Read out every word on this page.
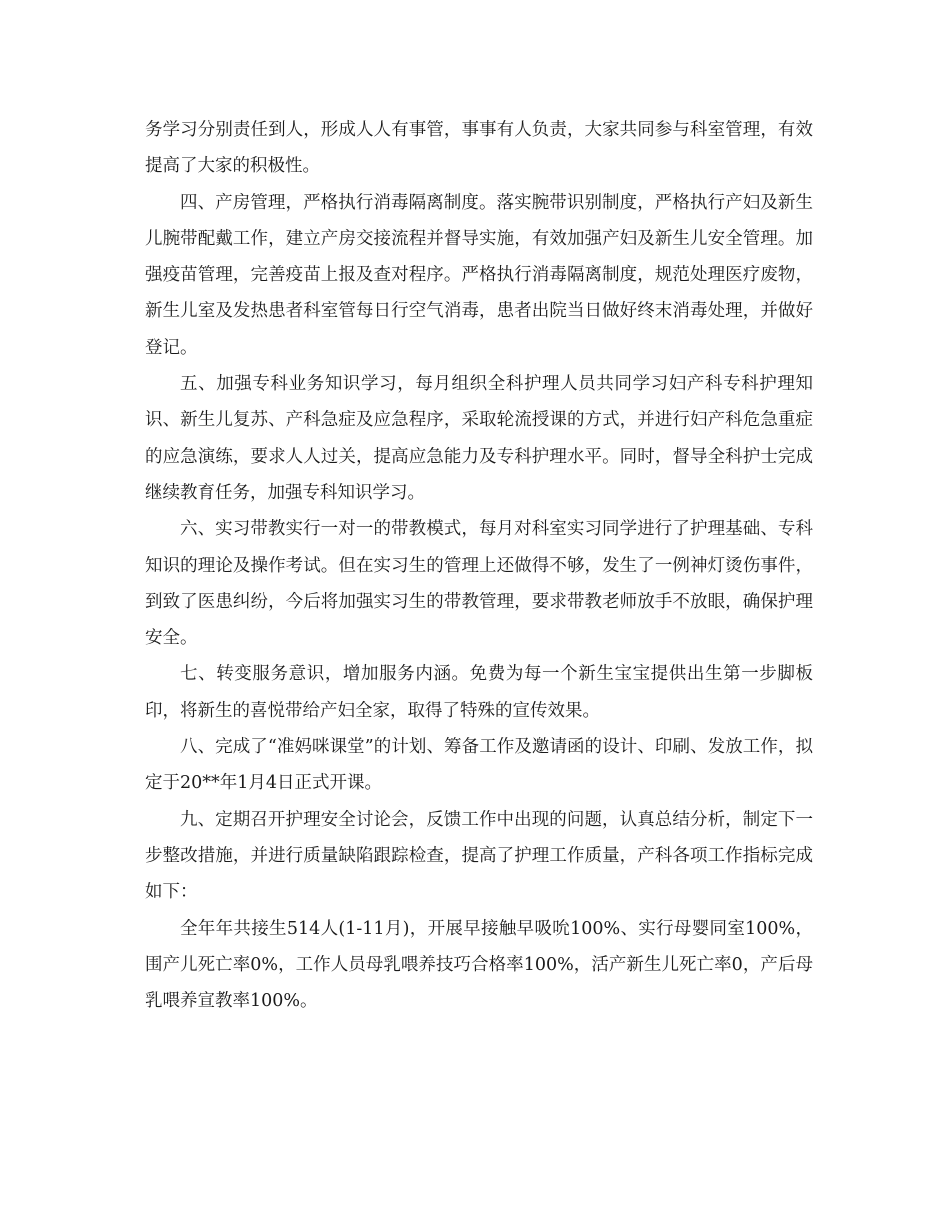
务学习分别责任到人，形成人人有事管，事事有人负责，大家共同参与科室管理，有效提高了大家的积极性。

四、产房管理，严格执行消毒隔离制度。落实腕带识别制度，严格执行产妇及新生儿腕带配戴工作，建立产房交接流程并督导实施，有效加强产妇及新生儿安全管理。加强疫苗管理，完善疫苗上报及查对程序。严格执行消毒隔离制度，规范处理医疗废物，新生儿室及发热患者科室管每日行空气消毒，患者出院当日做好终末消毒处理，并做好登记。

五、加强专科业务知识学习，每月组织全科护理人员共同学习妇产科专科护理知识、新生儿复苏、产科急症及应急程序，采取轮流授课的方式，并进行妇产科危急重症的应急演练，要求人人过关，提高应急能力及专科护理水平。同时，督导全科护士完成继续教育任务，加强专科知识学习。

六、实习带教实行一对一的带教模式，每月对科室实习同学进行了护理基础、专科知识的理论及操作考试。但在实习生的管理上还做得不够，发生了一例神灯烫伤事件，到致了医患纠纷，今后将加强实习生的带教管理，要求带教老师放手不放眼，确保护理安全。

七、转变服务意识，增加服务内涵。免费为每一个新生宝宝提供出生第一步脚板印，将新生的喜悦带给产妇全家，取得了特殊的宣传效果。

八、完成了“准妈咪课堂”的计划、筹备工作及邀请函的设计、印刷、发放工作，拟定于20**年1月4日正式开课。

九、定期召开护理安全讨论会，反馈工作中出现的问题，认真总结分析，制定下一步整改措施，并进行质量缺陷跟踪检查，提高了护理工作质量，产科各项工作指标完成如下：

全年年共接生514人(1-11月)，开展早接触早吸吮100%、实行母婴同室100%，围产儿死亡率0%，工作人员母乳喂养技巧合格率100%，活产新生儿死亡率0，产后母乳喂养宣教率100%。
